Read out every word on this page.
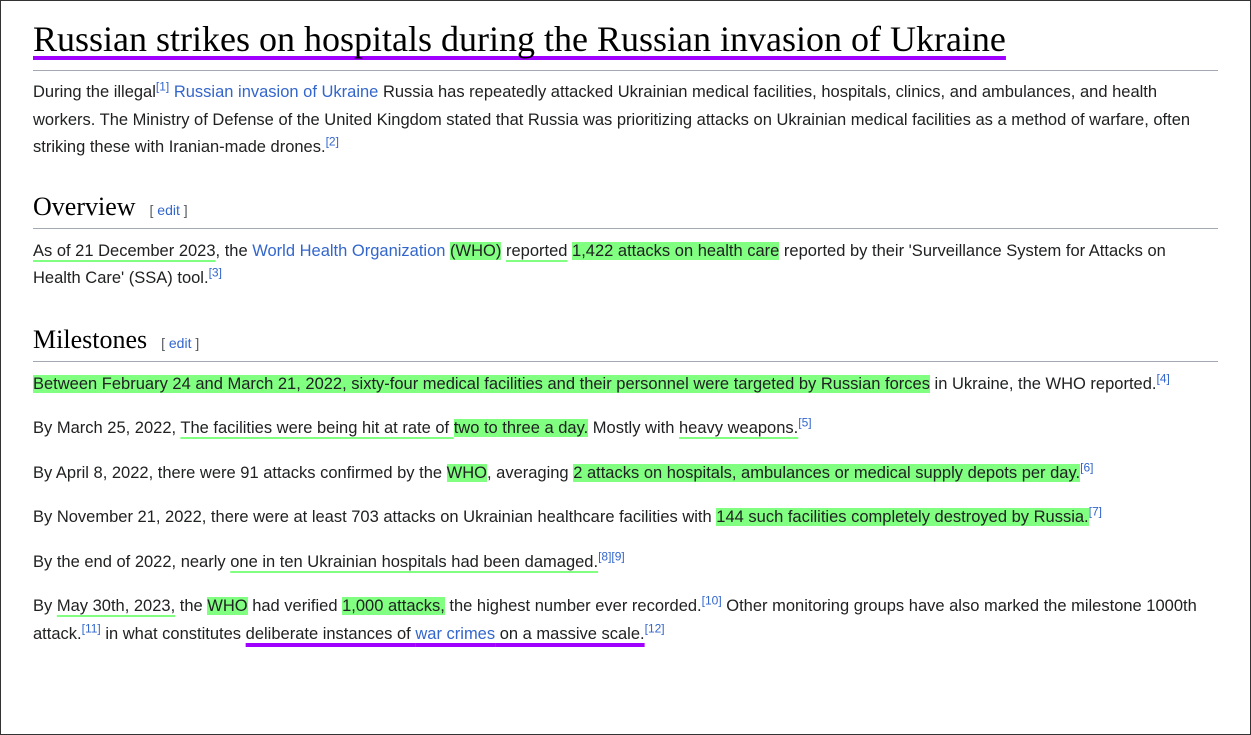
Russian strikes on hospitals during the Russian invasion of Ukraine

During the illegal[1] Russian invasion of Ukraine Russia has repeatedly attacked Ukrainian medical facilities, hospitals, clinics, and ambulances, and health workers. The Ministry of Defense of the United Kingdom stated that Russia was prioritizing attacks on Ukrainian medical facilities as a method of warfare, often striking these with Iranian-made drones.[2]

Overview [ edit ]

As of 21 December 2023, the World Health Organization (WHO) reported 1,422 attacks on health care reported by their 'Surveillance System for Attacks on Health Care' (SSA) tool.[3]

Milestones [ edit ]

Between February 24 and March 21, 2022, sixty-four medical facilities and their personnel were targeted by Russian forces in Ukraine, the WHO reported.[4]

By March 25, 2022, The facilities were being hit at rate of two to three a day. Mostly with heavy weapons.[5]

By April 8, 2022, there were 91 attacks confirmed by the WHO, averaging 2 attacks on hospitals, ambulances or medical supply depots per day.[6]

By November 21, 2022, there were at least 703 attacks on Ukrainian healthcare facilities with 144 such facilities completely destroyed by Russia.[7]

By the end of 2022, nearly one in ten Ukrainian hospitals had been damaged.[8][9]

By May 30th, 2023, the WHO had verified 1,000 attacks, the highest number ever recorded.[10] Other monitoring groups have also marked the milestone 1000th attack.[11] in what constitutes deliberate instances of war crimes on a massive scale.[12]
